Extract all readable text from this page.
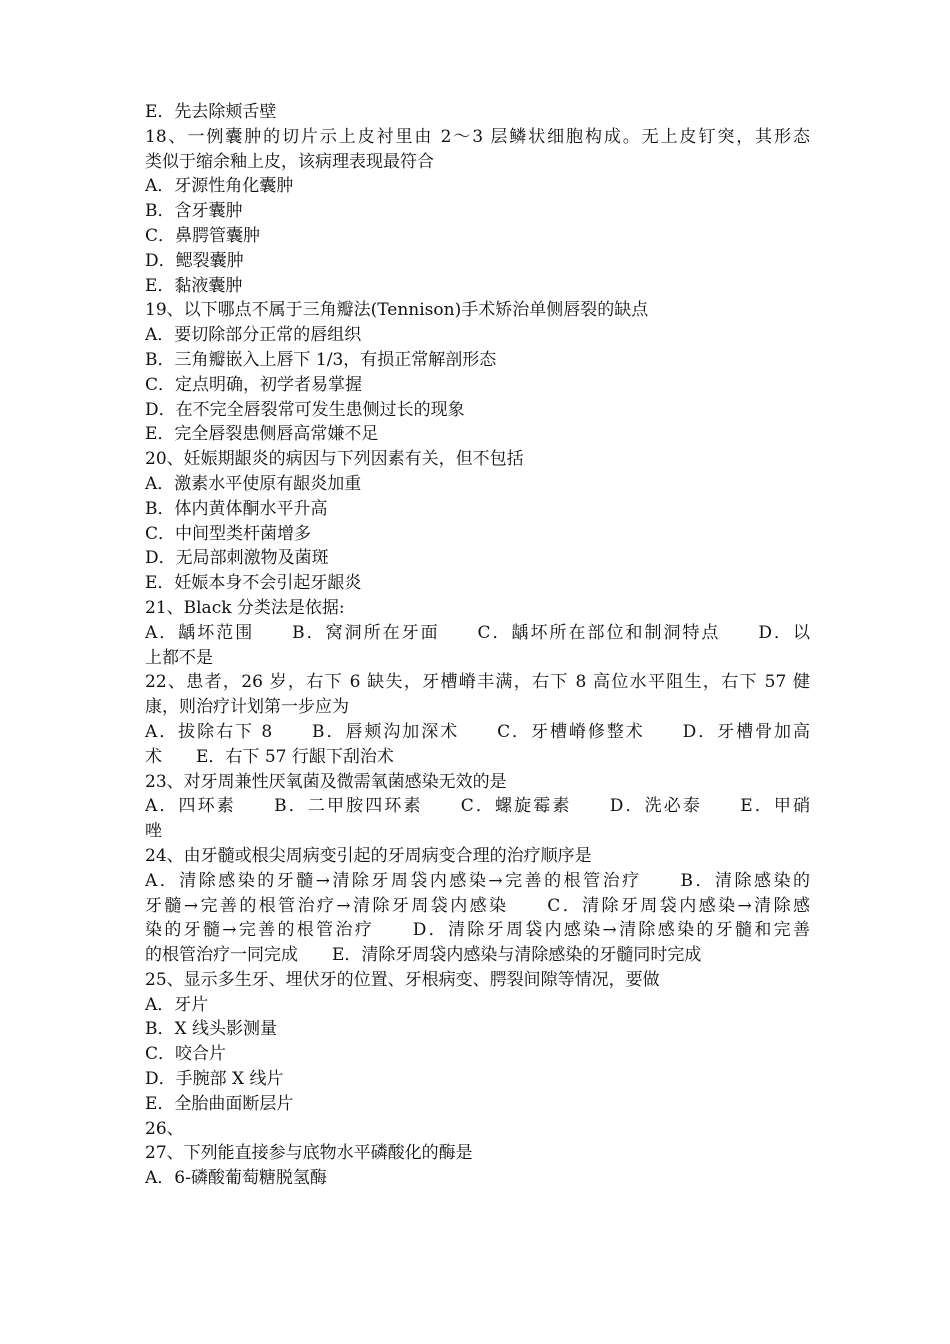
E．先去除颊舌壁
18、一例囊肿的切片示上皮衬里由 2～3 层鳞状细胞构成。无上皮钉突，其形态
类似于缩余釉上皮，该病理表现最符合
A．牙源性角化囊肿
B．含牙囊肿
C．鼻腭管囊肿
D．鳃裂囊肿
E．黏液囊肿
19、以下哪点不属于三角瓣法(Tennison)手术矫治单侧唇裂的缺点
A．要切除部分正常的唇组织
B．三角瓣嵌入上唇下 1/3，有损正常解剖形态
C．定点明确，初学者易掌握
D．在不完全唇裂常可发生患侧过长的现象
E．完全唇裂患侧唇高常嫌不足
20、妊娠期龈炎的病因与下列因素有关，但不包括
A．激素水平使原有龈炎加重
B．体内黄体酮水平升高
C．中间型类杆菌增多
D．无局部刺激物及菌斑
E．妊娠本身不会引起牙龈炎
21、Black 分类法是依据:
A．龋坏范围　　B．窝洞所在牙面　　C．龋坏所在部位和制洞特点　　D．以
上都不是
22、患者，26 岁，右下 6 缺失，牙槽嵴丰满，右下 8 高位水平阻生，右下 57 健
康，则治疗计划第一步应为
A．拔除右下 8　　B．唇颊沟加深术　　C．牙槽嵴修整术　　D．牙槽骨加高
术　　E．右下 57 行龈下刮治术
23、对牙周兼性厌氧菌及微需氧菌感染无效的是
A．四环素　　B．二甲胺四环素　　C．螺旋霉素　　D．洗必泰　　E．甲硝
唑
24、由牙髓或根尖周病变引起的牙周病变合理的治疗顺序是
A．清除感染的牙髓→清除牙周袋内感染→完善的根管治疗　　B．清除感染的
牙髓→完善的根管治疗→清除牙周袋内感染　　C．清除牙周袋内感染→清除感
染的牙髓→完善的根管治疗　　D．清除牙周袋内感染→清除感染的牙髓和完善
的根管治疗一同完成　　E．清除牙周袋内感染与清除感染的牙髓同时完成
25、显示多生牙、埋伏牙的位置、牙根病变、腭裂间隙等情况，要做
A．牙片
B．X 线头影测量
C．咬合片
D．手腕部 X 线片
E．全胎曲面断层片
26、
27、下列能直接参与底物水平磷酸化的酶是
A．6-磷酸葡萄糖脱氢酶
